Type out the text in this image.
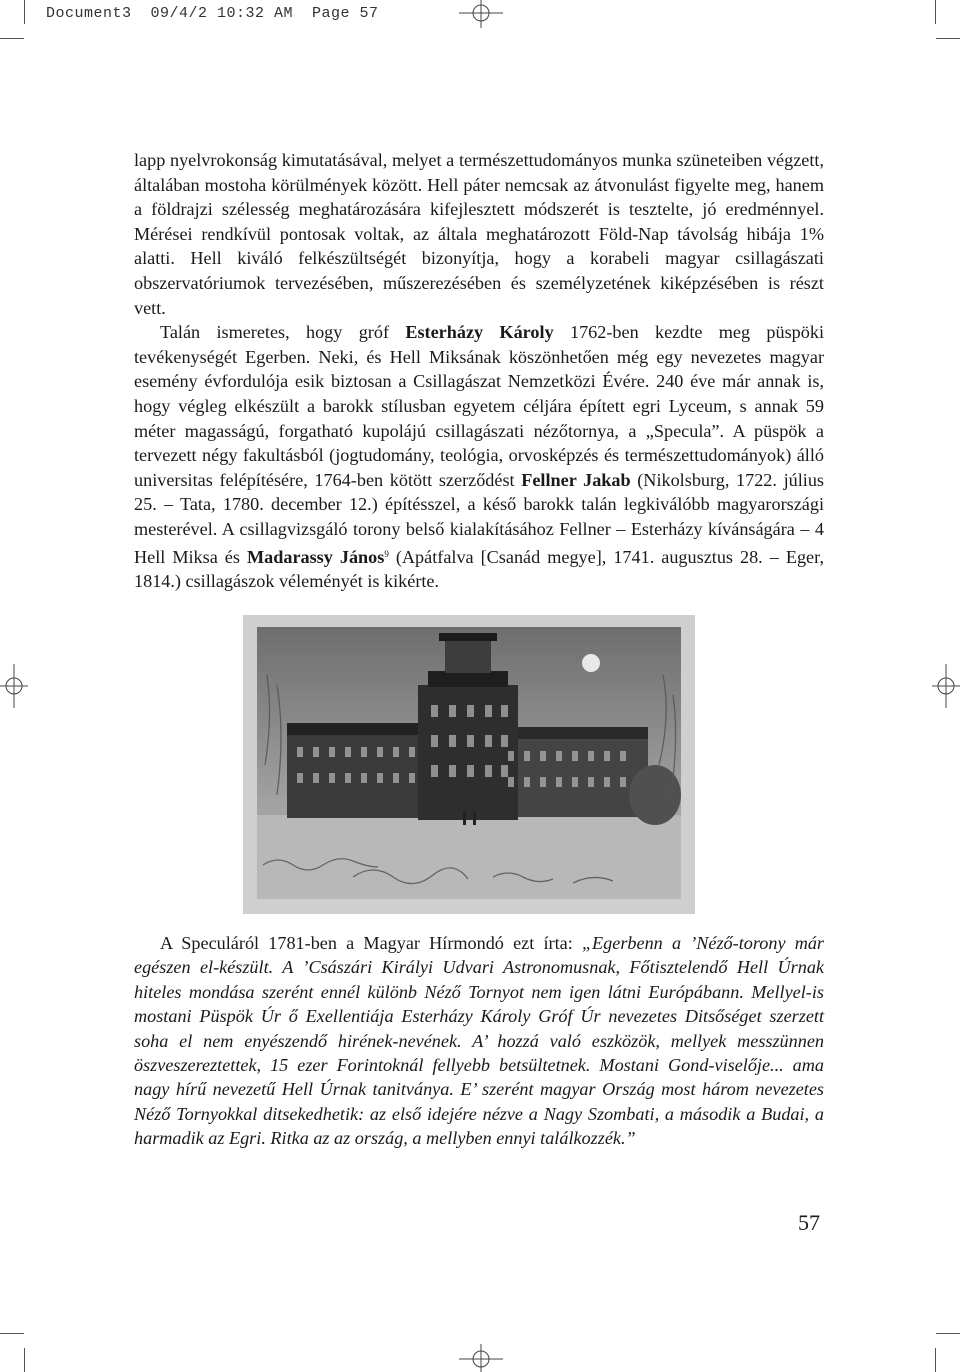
Document3  09/4/2 10:32 AM  Page 57

lapp nyelvrokonság kimutatásával, melyet a természettudományos munka szüneteiben végzett, általában mostoha körülmények között. Hell páter nemcsak az átvonulást figyelte meg, hanem a földrajzi szélesség meghatározására kifejlesztett módszerét is tesztelte, jó eredménnyel. Mérései rendkívül pontosak voltak, az általa meghatározott Föld-Nap távolság hibája 1% alatti. Hell kiváló felkészültségét bizonyítja, hogy a korabeli magyar csillagászati obszervatóriumok tervezésében, műszerezésében és személyzetének kiképzésében is részt vett.

Talán ismeretes, hogy gróf Esterházy Károly 1762-ben kezdte meg püspöki tevékenységét Egerben. Neki, és Hell Miksának köszönhetően még egy nevezetes magyar esemény évfordulója esik biztosan a Csillagászat Nemzetközi Évére. 240 éve már annak is, hogy végleg elkészült a barokk stílusban egyetem céljára épített egri Lyceum, s annak 59 méter magasságú, forgatható kupolájú csillagászati nézőtornya, a „Specula”. A püspök a tervezett négy fakultásból (jogtudomány, teológia, orvosképzés és természettudományok) álló universitas felépítésére, 1764-ben kötött szerződést Fellner Jakab (Nikolsburg, 1722. július 25. – Tata, 1780. december 12.) építésszel, a késő barokk talán legkiválóbb magyarországi mesterével. A csillagvizsgáló torony belső kialakításához Fellner – Esterházy kívánságára – 4 Hell Miksa és Madarassy János$^9$ (Apátfalva [Csanád megye], 1741. augusztus 28. – Eger, 1814.) csillagászok véleményét is kikérte.

A Speculáról 1781-ben a Magyar Hírmondó ezt írta: „Egerbenn a ’Néző-torony már egészen el-készült. A ’Császári Királyi Udvari Astronomusnak, Főtisztelendő Hell Úrnak hiteles mondása szerént ennél különb Néző Tornyot nem igen látni Európábann. Mellyel-is mostani Püspök Úr ő Exellentiája Esterházy Károly Gróf Úr nevezetes Ditsőséget szerzett soha el nem enyészendő hirének-nevének. A’ hozzá való eszközök, mellyek messzünnen öszveszereztettek, 15 ezer Forintoknál fellyebb betsültetnek. Mostani Gond-viselője... ama nagy hírű nevezetű Hell Úrnak tanitványa. E’ szerént magyar Ország most három nevezetes Néző Tornyokkal ditsekedhetik: az első idejére nézve a Nagy Szombati, a második a Budai, a harmadik az Egri. Ritka az az ország, a mellyben ennyi találkozzék.”

57
